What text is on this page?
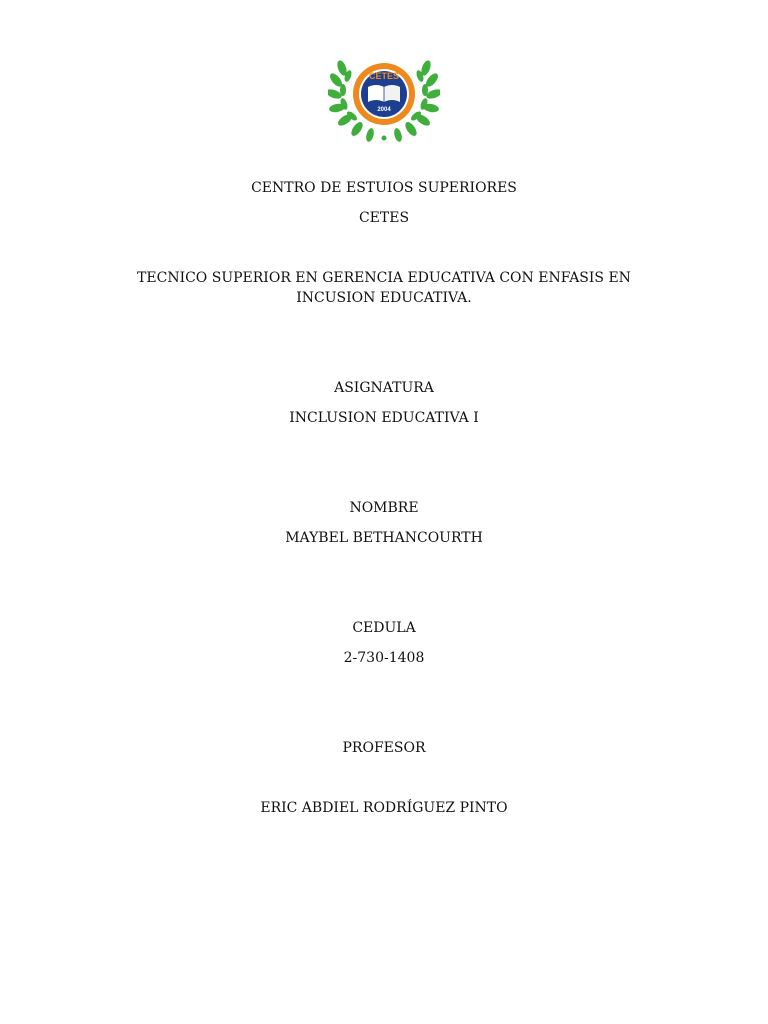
CETES
2004
CENTRO DE ESTUIOS SUPERIORES
CETES
TECNICO SUPERIOR EN GERENCIA EDUCATIVA CON ENFASIS EN
INCUSION EDUCATIVA.
ASIGNATURA
INCLUSION EDUCATIVA I
NOMBRE
MAYBEL BETHANCOURTH
CEDULA
2-730-1408
PROFESOR
ERIC ABDIEL RODRÍGUEZ PINTO
